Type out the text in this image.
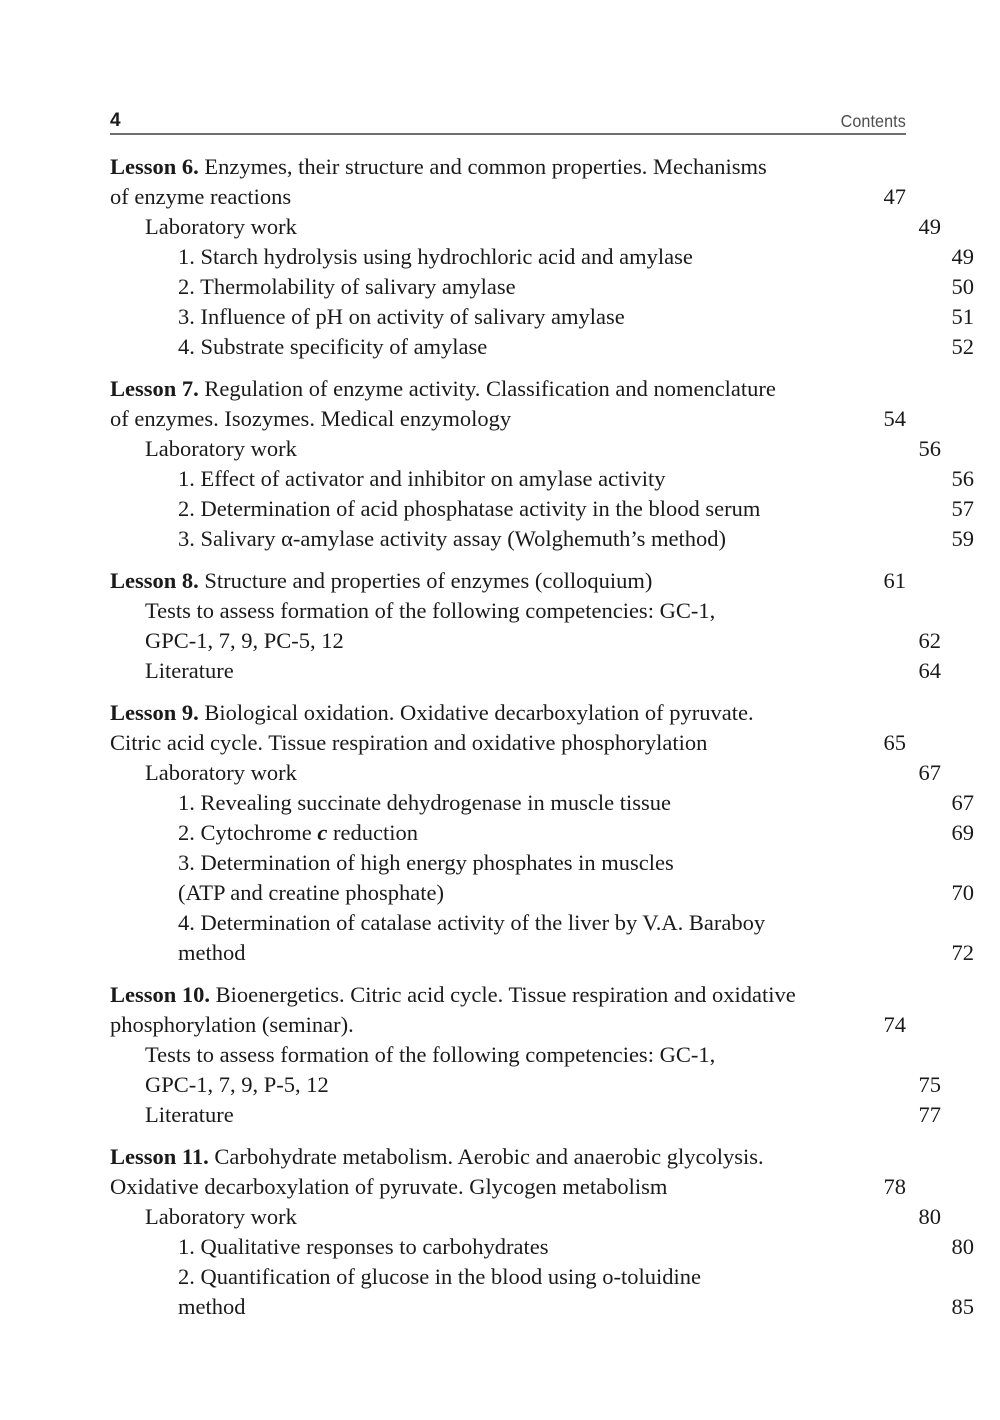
4	Contents
Lesson 6. Enzymes, their structure and common properties. Mechanisms
of enzyme reactions	47
Laboratory work	49
1. Starch hydrolysis using hydrochloric acid and amylase	49
2. Thermolability of salivary amylase	50
3. Influence of pH on activity of salivary amylase	51
4. Substrate specificity of amylase	52
Lesson 7. Regulation of enzyme activity. Classification and nomenclature
of enzymes. Isozymes. Medical enzymology	54
Laboratory work	56
1. Effect of activator and inhibitor on amylase activity	56
2. Determination of acid phosphatase activity in the blood serum	57
3. Salivary α-amylase activity assay (Wolghemuth’s method)	59
Lesson 8. Structure and properties of enzymes (colloquium)	61
Tests to assess formation of the following competencies: GC-1,
GPC-1, 7, 9, PC-5, 12	62
Literature	64
Lesson 9. Biological oxidation. Oxidative decarboxylation of pyruvate.
Citric acid cycle. Tissue respiration and oxidative phosphorylation	65
Laboratory work	67
1. Revealing succinate dehydrogenase in muscle tissue	67
2. Cytochrome c reduction	69
3. Determination of high energy phosphates in muscles
(ATP and creatine phosphate)	70
4. Determination of catalase activity of the liver by V.A. Baraboy
method	72
Lesson 10. Bioenergetics. Citric acid cycle. Tissue respiration and oxidative
phosphorylation (seminar).	74
Tests to assess formation of the following competencies: GC-1,
GPC-1, 7, 9, P-5, 12	75
Literature	77
Lesson 11. Carbohydrate metabolism. Aerobic and anaerobic glycolysis.
Oxidative decarboxylation of pyruvate. Glycogen metabolism	78
Laboratory work	80
1. Qualitative responses to carbohydrates	80
2. Quantification of glucose in the blood using o-toluidine
method	85
